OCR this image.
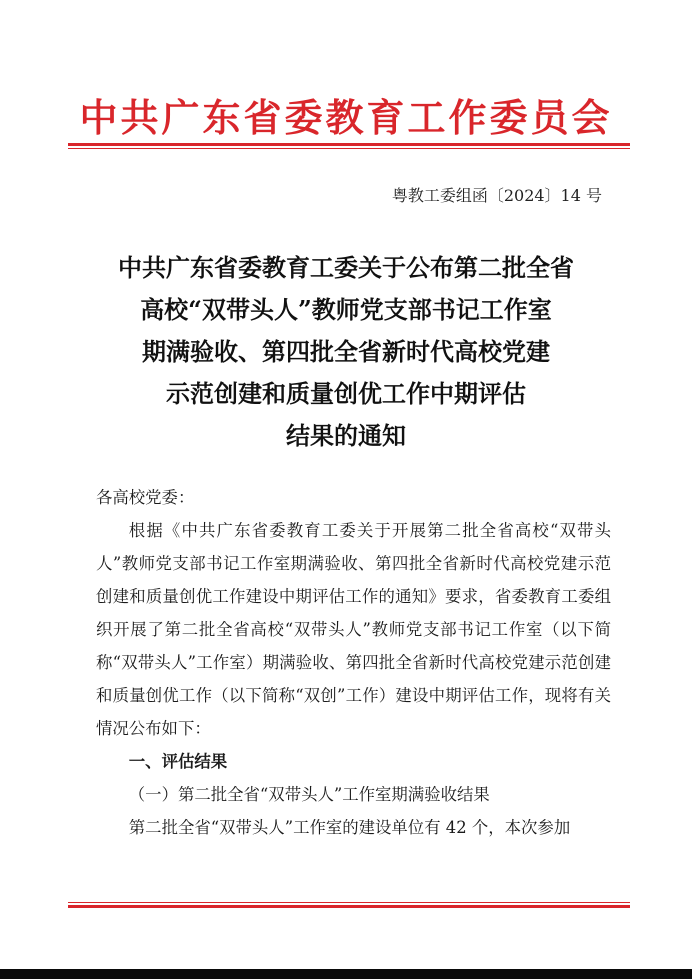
中共广东省委教育工作委员会
粤教工委组函〔2024〕14 号
中共广东省委教育工委关于公布第二批全省
高校“双带头人”教师党支部书记工作室
期满验收、第四批全省新时代高校党建
示范创建和质量创优工作中期评估
结果的通知

各高校党委：

根据《中共广东省委教育工委关于开展第二批全省高校“双带头人”教师党支部书记工作室期满验收、第四批全省新时代高校党建示范创建和质量创优工作建设中期评估工作的通知》要求，省委教育工委组织开展了第二批全省高校“双带头人”教师党支部书记工作室（以下简称“双带头人”工作室）期满验收、第四批全省新时代高校党建示范创建和质量创优工作（以下简称“双创”工作）建设中期评估工作，现将有关情况公布如下：

一、评估结果

（一）第二批全省“双带头人”工作室期满验收结果

第二批全省“双带头人”工作室的建设单位有 42 个，本次参加
